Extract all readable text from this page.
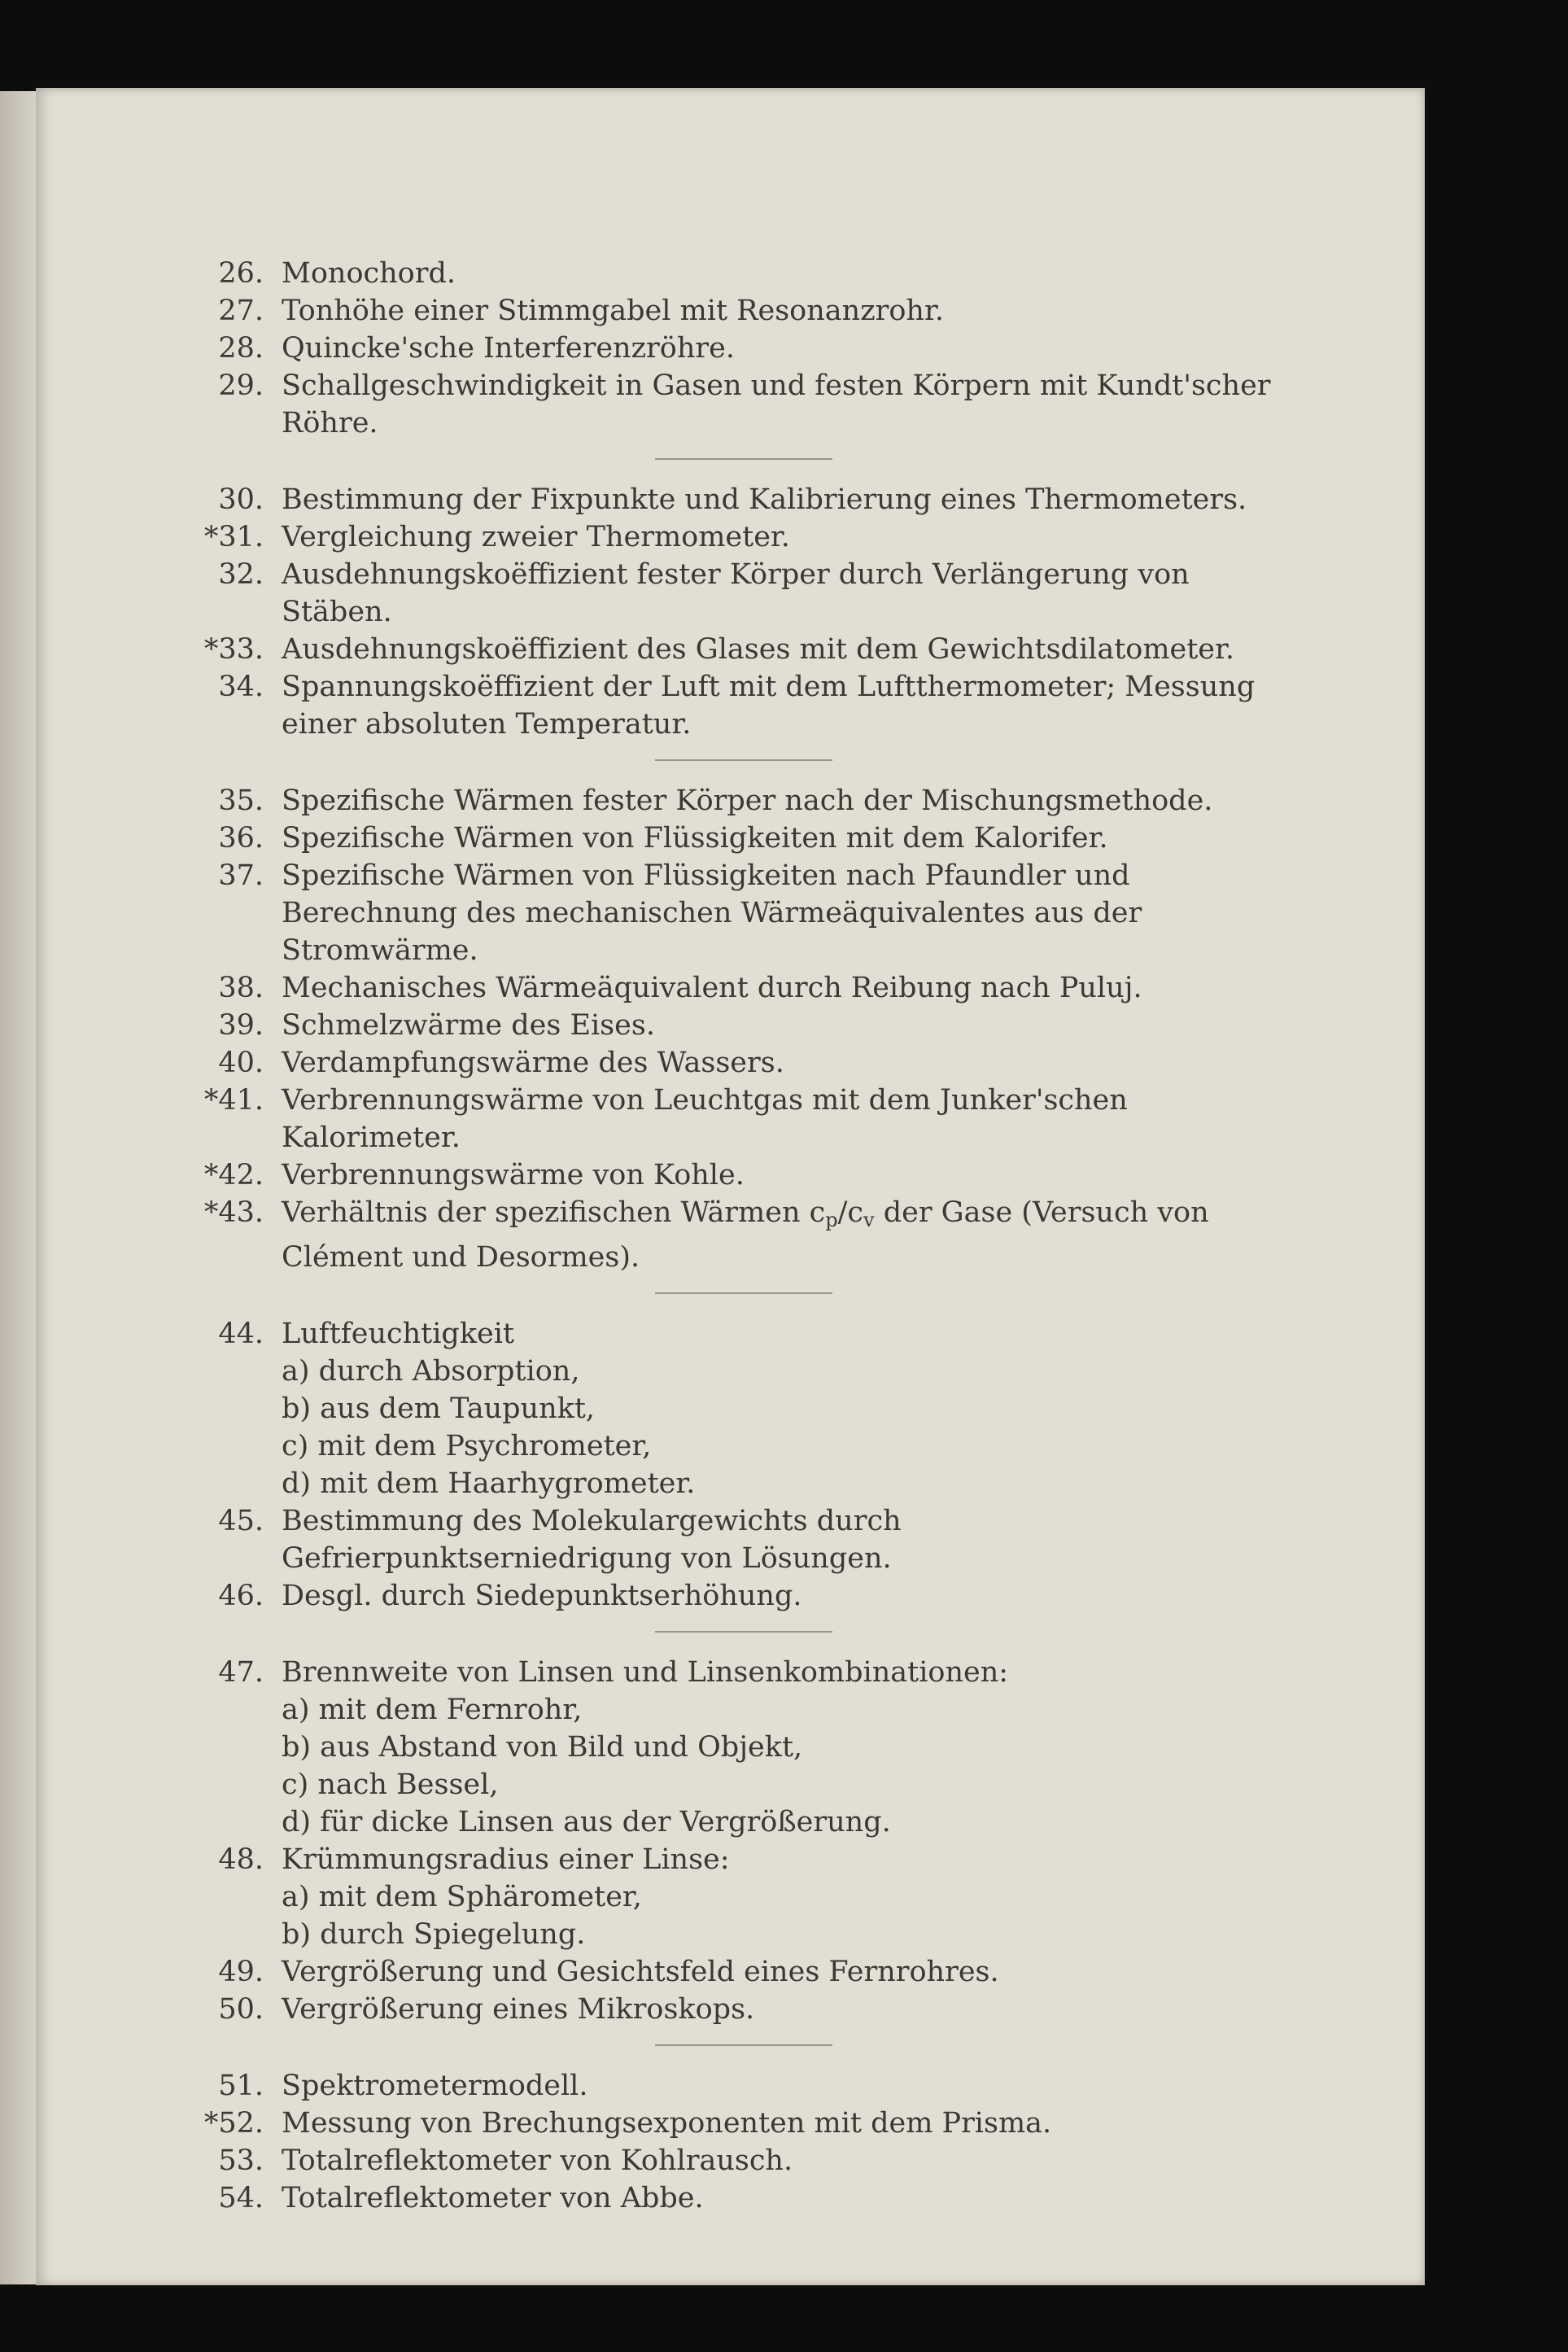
26. Monochord.
27. Tonhöhe einer Stimmgabel mit Resonanzrohr.
28. Quincke'sche Interferenzröhre.
29. Schallgeschwindigkeit in Gasen und festen Körpern mit Kundt'scher Röhre.
30. Bestimmung der Fixpunkte und Kalibrierung eines Thermometers.
*31. Vergleichung zweier Thermometer.
32. Ausdehnungskoëffizient fester Körper durch Verlängerung von Stäben.
*33. Ausdehnungskoëffizient des Glases mit dem Gewichtsdilatometer.
34. Spannungskoëffizient der Luft mit dem Luftthermometer; Messung einer absoluten Temperatur.
35. Spezifische Wärmen fester Körper nach der Mischungsmethode.
36. Spezifische Wärmen von Flüssigkeiten mit dem Kalorifer.
37. Spezifische Wärmen von Flüssigkeiten nach Pfaundler und Berechnung des mechanischen Wärmeäquivalentes aus der Stromwärme.
38. Mechanisches Wärmeäquivalent durch Reibung nach Puluj.
39. Schmelzwärme des Eises.
40. Verdampfungswärme des Wassers.
*41. Verbrennungswärme von Leuchtgas mit dem Junker'schen Kalorimeter.
*42. Verbrennungswärme von Kohle.
*43. Verhältnis der spezifischen Wärmen $c_p/c_v$ der Gase (Versuch von Clément und Desormes).
44. Luftfeuchtigkeit
a) durch Absorption,
b) aus dem Taupunkt,
c) mit dem Psychrometer,
d) mit dem Haarhygrometer.
45. Bestimmung des Molekulargewichts durch Gefrierpunktserniedrigung von Lösungen.
46. Desgl. durch Siedepunktserhöhung.
47. Brennweite von Linsen und Linsenkombinationen:
a) mit dem Fernrohr,
b) aus Abstand von Bild und Objekt,
c) nach Bessel,
d) für dicke Linsen aus der Vergrößerung.
48. Krümmungsradius einer Linse:
a) mit dem Sphärometer,
b) durch Spiegelung.
49. Vergrößerung und Gesichtsfeld eines Fernrohres.
50. Vergrößerung eines Mikroskops.
51. Spektrometermodell.
*52. Messung von Brechungsexponenten mit dem Prisma.
53. Totalreflektometer von Kohlrausch.
54. Totalreflektometer von Abbe.
